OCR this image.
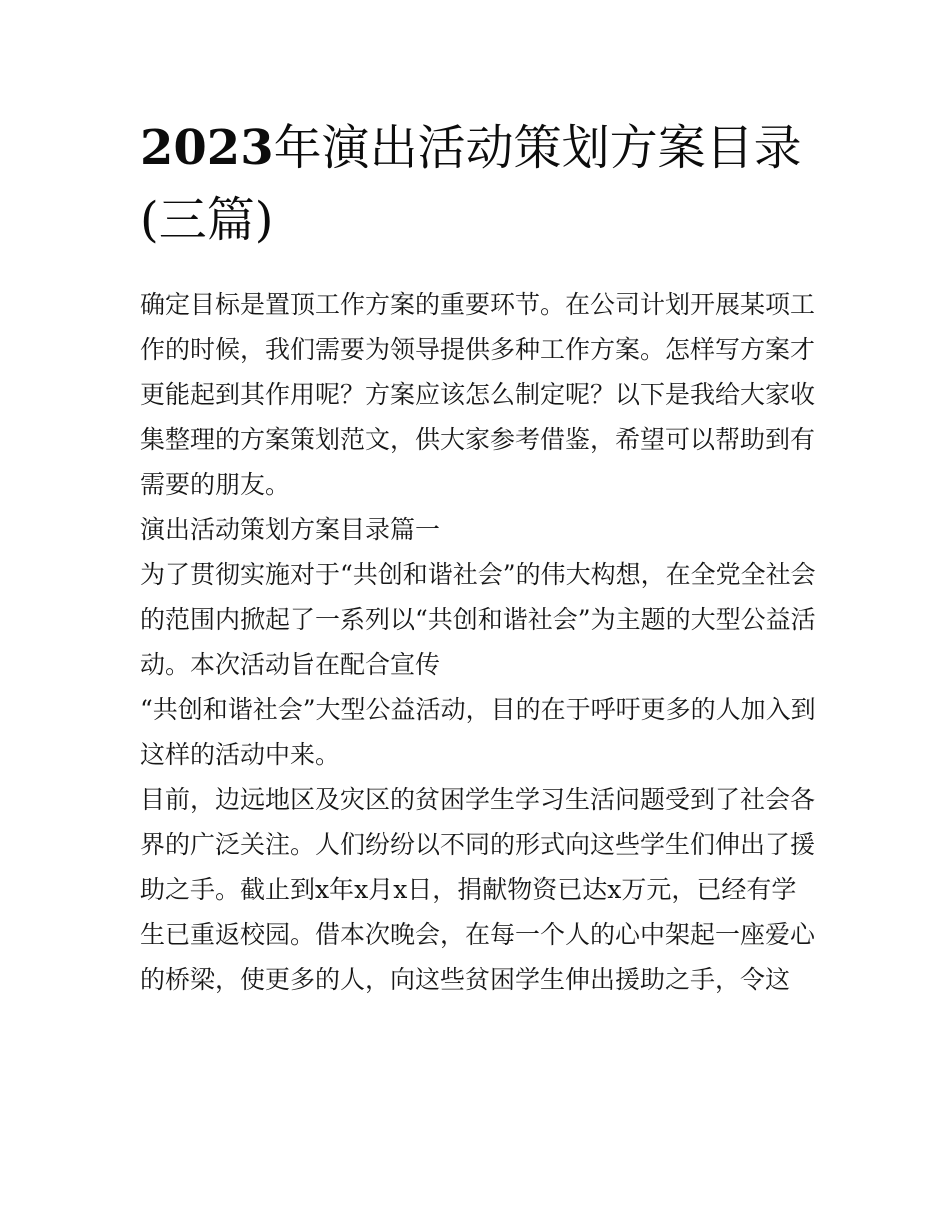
2023年演出活动策划方案目录(三篇)

确定目标是置顶工作方案的重要环节。在公司计划开展某项工作的时候，我们需要为领导提供多种工作方案。怎样写方案才更能起到其作用呢？方案应该怎么制定呢？以下是我给大家收集整理的方案策划范文，供大家参考借鉴，希望可以帮助到有需要的朋友。

演出活动策划方案目录篇一

为了贯彻实施对于“共创和谐社会”的伟大构想，在全党全社会的范围内掀起了一系列以“共创和谐社会”为主题的大型公益活动。本次活动旨在配合宣传

“共创和谐社会”大型公益活动，目的在于呼吁更多的人加入到这样的活动中来。

目前，边远地区及灾区的贫困学生学习生活问题受到了社会各界的广泛关注。人们纷纷以不同的形式向这些学生们伸出了援助之手。截止到x年x月x日，捐献物资已达x万元，已经有学生已重返校园。借本次晚会，在每一个人的心中架起一座爱心的桥梁，使更多的人，向这些贫困学生伸出援助之手，令这
